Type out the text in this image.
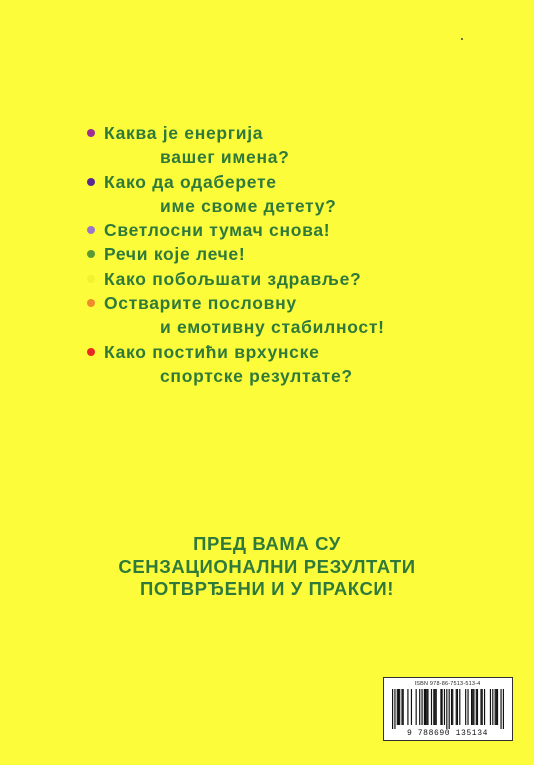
Каква је енергија
вашег имена?
Како да одаберете
име своме детету?
Светлосни тумач снова!
Речи које лече!
Како побољшати здравље?
Остварите пословну
и емотивну стабилност!
Како постићи врхунске
спортске резултате?
ПРЕД ВАМА СУ
СЕНЗАЦИОНАЛНИ РЕЗУЛТАТИ
ПОТВРЂЕНИ И У ПРАКСИ!
ISBN 978-86-7513-513-4
9 788690 135134
